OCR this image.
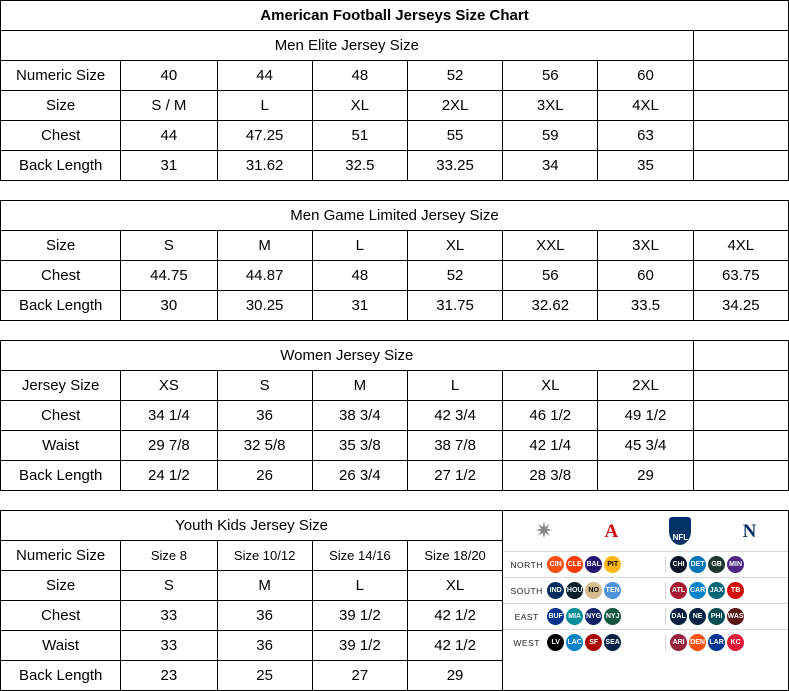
American Football Jerseys Size Chart							
Men Elite Jersey Size							
Numeric Size	40	44	48	52	56	60	
Size	S / M	L	XL	2XL	3XL	4XL	
Chest	44	47.25	51	55	59	63	
Back Length	31	31.62	32.5	33.25	34	35	

Men Game Limited Jersey Size							
Size	S	M	L	XL	XXL	3XL	4XL
Chest	44.75	44.87	48	52	56	60	63.75
Back Length	30	30.25	31	31.75	32.62	33.5	34.25

Women Jersey Size							
Jersey Size	XS	S	M	L	XL	2XL	
Chest	34 1/4	36	38 3/4	42 3/4	46 1/2	49 1/2	
Waist	29 7/8	32 5/8	35 3/8	38 7/8	42 1/4	45 3/4	
Back Length	24 1/2	26	26 3/4	27 1/2	28 3/8	29	

Youth Kids Jersey Size	✷	A	NFL	N
NORTH CIN CLE BAL PIT	CHI DET GB	MIN
SOUTH IND HOU NO TEN	ATL CAR JAX	TB
EAST	BUF MIA NYG NYJ	DAL NE	PHI WAS
WEST	LV	LAC	SF	SEA	ARI DEN LAR KC

Numeric Size	Size 8	Size 10/12	Size 14/16	Size 18/20			
Size	S	M	L	XL			
Chest	33	36	39 1/2	42 1/2			
Waist	33	36	39 1/2	42 1/2			
Back Length	23	25	27	29			
